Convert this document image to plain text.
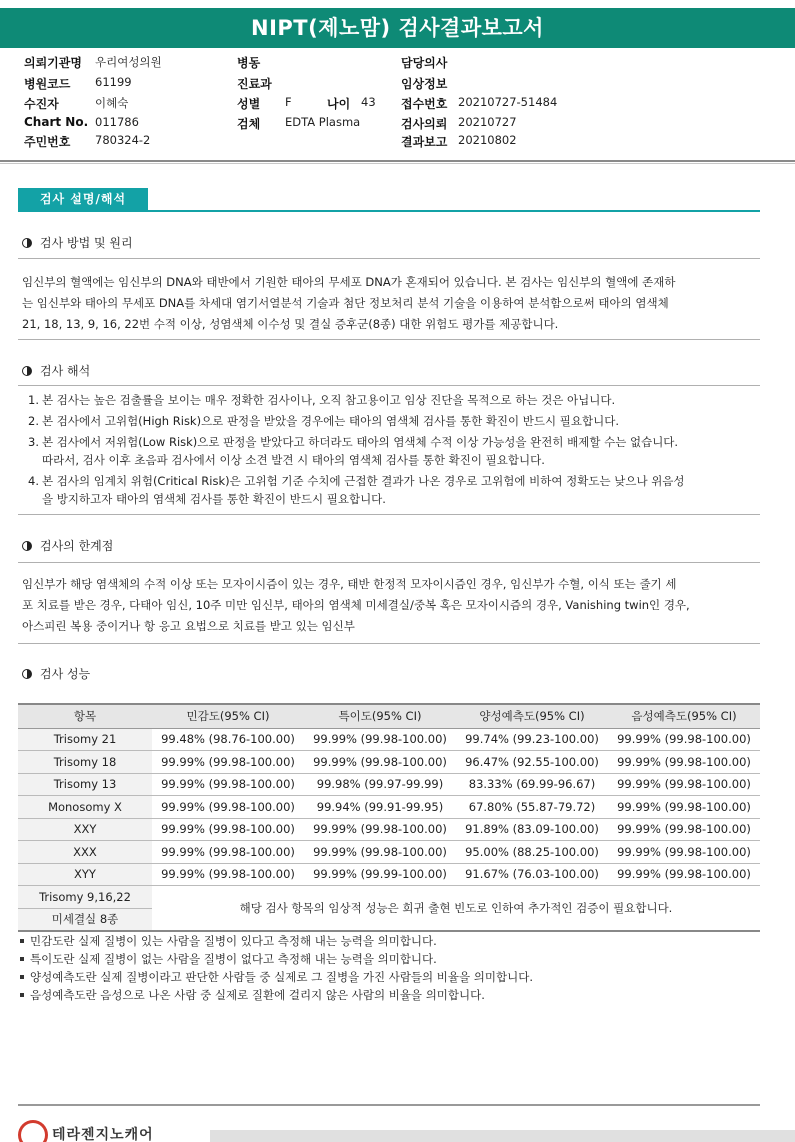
NIPT(제노맘) 검사결과보고서
의뢰기관명 우리여성의원	병동	담당의사
병원코드 61199	진료과	임상정보
수진자	이혜숙	성별 F	나이 43 접수번호 20210727-51484
Chart No. 011786	검체 EDTA Plasma	검사의뢰 20210727
주민번호 780324-2	결과보고 20210802
검사 설명/해석
검사 방법 및 원리
임신부의 혈액에는 임신부의 DNA와 태반에서 기원한 태아의 무세포 DNA가 혼재되어 있습니다. 본 검사는 임신부의 혈액에 존재하
는 임신부와 태아의 무세포 DNA를 차세대 염기서열분석 기술과 첨단 정보처리 분석 기술을 이용하여 분석함으로써 태아의 염색체
21, 18, 13, 9, 16, 22번 수적 이상, 성염색체 이수성 및 결실 증후군(8종) 대한 위험도 평가를 제공합니다.
검사 해석
1. 본 검사는 높은 검출률을 보이는 매우 정확한 검사이나, 오직 참고용이고 임상 진단을 목적으로 하는 것은 아닙니다.
2. 본 검사에서 고위험(High Risk)으로 판정을 받았을 경우에는 태아의 염색체 검사를 통한 확진이 반드시 필요합니다.
3. 본 검사에서 저위험(Low Risk)으로 판정을 받았다고 하더라도 태아의 염색체 수적 이상 가능성을 완전히 배제할 수는 없습니다.
따라서, 검사 이후 초음파 검사에서 이상 소견 발견 시 태아의 염색체 검사를 통한 확진이 필요합니다.
4. 본 검사의 임계치 위험(Critical Risk)은 고위험 기준 수치에 근접한 결과가 나온 경우로 고위험에 비하여 정확도는 낮으나 위음성
을 방지하고자 태아의 염색체 검사를 통한 확진이 반드시 필요합니다.
검사의 한계점
임신부가 해당 염색체의 수적 이상 또는 모자이시즘이 있는 경우, 태반 한정적 모자이시즘인 경우, 임신부가 수혈, 이식 또는 줄기 세
포 치료를 받은 경우, 다태아 임신, 10주 미만 임신부, 태아의 염색체 미세결실/중복 혹은 모자이시즘의 경우, Vanishing twin인 경우,
아스피린 복용 중이거나 항 응고 요법으로 치료를 받고 있는 임신부
검사 성능
항목	민감도(95% CI)	특이도(95% CI)	양성예측도(95% CI)	음성예측도(95% CI)
Trisomy 21	99.48% (98.76-100.00)	99.99% (99.98-100.00)	99.74% (99.23-100.00)	99.99% (99.98-100.00)
Trisomy 18	99.99% (99.98-100.00)	99.99% (99.98-100.00)	96.47% (92.55-100.00)	99.99% (99.98-100.00)
Trisomy 13	99.99% (99.98-100.00)	99.98% (99.97-99.99)	83.33% (69.99-96.67)	99.99% (99.98-100.00)
Monosomy X	99.99% (99.98-100.00)	99.94% (99.91-99.95)	67.80% (55.87-79.72)	99.99% (99.98-100.00)
XXY	99.99% (99.98-100.00)	99.99% (99.98-100.00)	91.89% (83.09-100.00)	99.99% (99.98-100.00)
XXX	99.99% (99.98-100.00)	99.99% (99.98-100.00)	95.00% (88.25-100.00)	99.99% (99.98-100.00)
XYY	99.99% (99.98-100.00)	99.99% (99.99-100.00)	91.67% (76.03-100.00)	99.99% (99.98-100.00)
Trisomy 9,16,22	해당 검사 항목의 임상적 성능은 희귀 출현 빈도로 인하여 추가적인 검증이 필요합니다.			
미세결실 8종				
민감도란 실제 질병이 있는 사람을 질병이 있다고 측정해 내는 능력을 의미합니다.
특이도란 실제 질병이 없는 사람을 질병이 없다고 측정해 내는 능력을 의미합니다.
양성예측도란 실제 질병이라고 판단한 사람들 중 실제로 그 질병을 가진 사람들의 비율을 의미합니다.
음성예측도란 음성으로 나온 사람 중 실제로 질환에 걸리지 않은 사람의 비율을 의미합니다.
테라젠지노캐어
